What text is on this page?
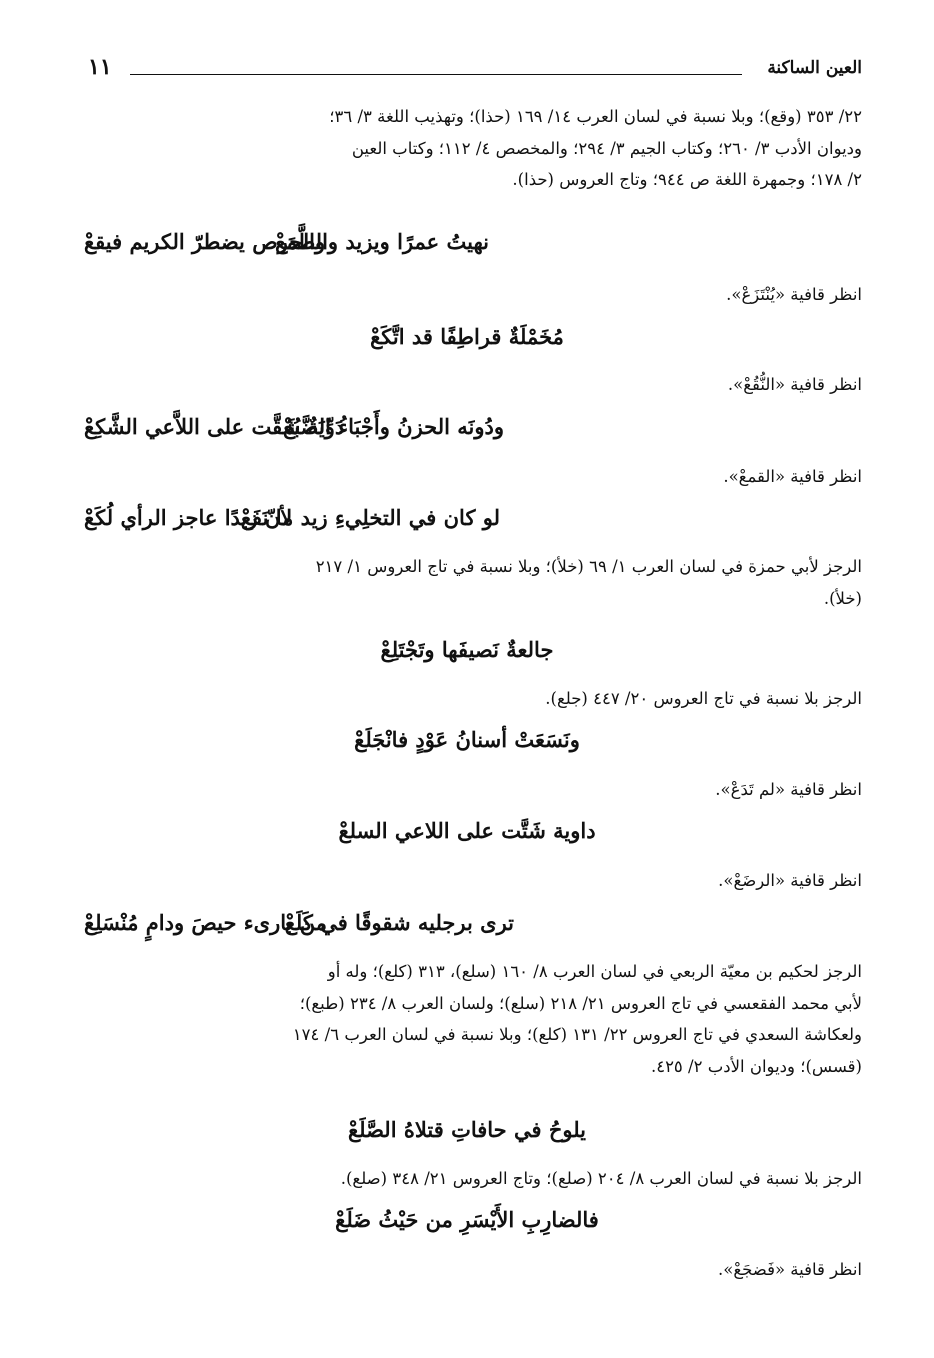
العين الساكنة
١١
٢٢/ ٣٥٣ (وقع)؛ وبلا نسبة في لسان العرب ١٤/ ١٦٩ (حذا)؛ وتهذيب اللغة ٣/ ٣٦؛
وديوان الأدب ٣/ ٢٦٠؛ وكتاب الجيم ٣/ ٢٩٤؛ والمخصص ٤/ ١١٢؛ وكتاب العين
٢/ ١٧٨؛ وجمهرة اللغة ص ٩٤٤؛ وتاج العروس (حذا).
نهيتُ عمرًا ويزيد والطَّمَعْ
والحرص يضطرّ الكريم فيقعْ
انظر قافية «يُنْتَزَعْ».
مُخَمْلَةٌ قراطِفًا قد اتَّكَعْ
انظر قافية «النُّقُعْ».
ودُونَه الحزنُ وأَجْبَاءُ الضَّبُعْ
دَوِّيَةٌ شَقَّت على اللاَّعي الشَّكِعْ
انظر قافية «القمعْ».
لو كان في التخلِيءِ زيد ما نَفَعْ
لأنّ زيدًا عاجز الرأي لُكَعْ
الرجز لأبي حمزة في لسان العرب ١/ ٦٩ (خلأ)؛ وبلا نسبة في تاج العروس ١/ ٢١٧
(خلأ).
جالعةٌ نَصيفَها وتَجْتَلِعْ
الرجز بلا نسبة في تاج العروس ٢٠/ ٤٤٧ (جلع).
ونَسَعَتْ أسنانُ عَوْدٍ فانْجَلَعْ
انظر قافية «لم تَدَعْ».
داوية شَتَّت على اللاعي السلعْ
انظر قافية «الرضَعْ».
ترى برجليه شقوقًا في كَلَعْ
من بارىء حيصَ ودامٍ مُنْسَلِعْ
الرجز لحكيم بن معيّة الربعي في لسان العرب ٨/ ١٦٠ (سلع)، ٣١٣ (كلع)؛ وله أو
لأبي محمد الفقعسي في تاج العروس ٢١/ ٢١٨ (سلع)؛ ولسان العرب ٨/ ٢٣٤ (طبع)؛
ولعكاشة السعدي في تاج العروس ٢٢/ ١٣١ (كلع)؛ وبلا نسبة في لسان العرب ٦/ ١٧٤
(قسس)؛ وديوان الأدب ٢/ ٤٢٥.
يلوحُ في حافاتِ قتلاهُ الصَّلَعْ
الرجز بلا نسبة في لسان العرب ٨/ ٢٠٤ (صلع)؛ وتاج العروس ٢١/ ٣٤٨ (صلع).
فالضارِبِ الأَيْسَرِ من حَيْثُ ضَلَعْ
انظر قافية «فَضجَعْ».
